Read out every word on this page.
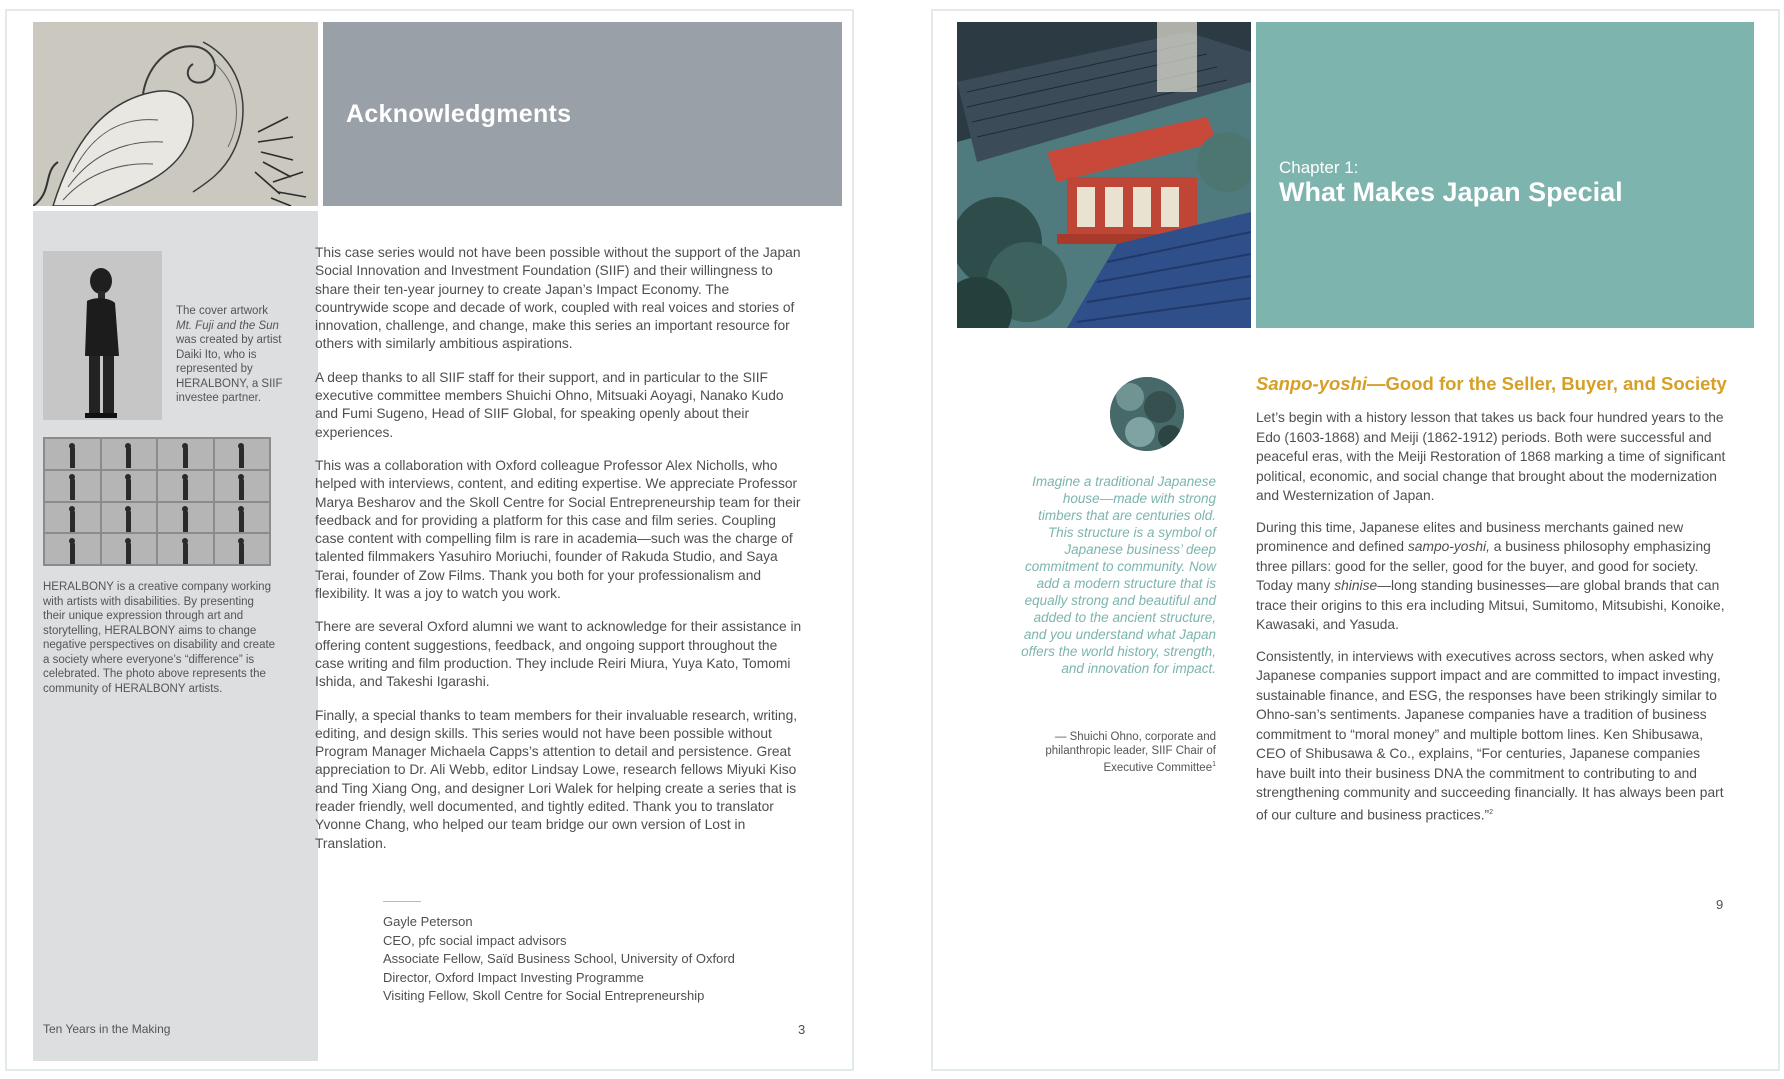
Acknowledgments
The cover artwork Mt. Fuji and the Sun was created by artist Daiki Ito, who is represented by HERALBONY, a SIIF investee partner.
HERALBONY is a creative company working with artists with disabilities. By presenting their unique expression through art and storytelling, HERALBONY aims to change negative perspectives on disability and create a society where everyone’s “difference” is celebrated. The photo above represents the community of HERALBONY artists.
Ten Years in the Making

This case series would not have been possible without the support of the Japan Social Innovation and Investment Foundation (SIIF) and their willingness to share their ten-year journey to create Japan’s Impact Economy. The countrywide scope and decade of work, coupled with real voices and stories of innovation, challenge, and change, make this series an important resource for others with similarly ambitious aspirations.

A deep thanks to all SIIF staff for their support, and in particular to the SIIF executive committee members Shuichi Ohno, Mitsuaki Aoyagi, Nanako Kudo and Fumi Sugeno, Head of SIIF Global, for speaking openly about their experiences.

This was a collaboration with Oxford colleague Professor Alex Nicholls, who helped with interviews, content, and editing expertise. We appreciate Professor Marya Besharov and the Skoll Centre for Social Entrepreneurship team for their feedback and for providing a platform for this case and film series. Coupling case content with compelling film is rare in academia—such was the charge of talented filmmakers Yasuhiro Moriuchi, founder of Rakuda Studio, and Saya Terai, founder of Zow Films. Thank you both for your professionalism and flexibility. It was a joy to watch you work.

There are several Oxford alumni we want to acknowledge for their assistance in offering content suggestions, feedback, and ongoing support throughout the case writing and film production. They include Reiri Miura, Yuya Kato, Tomomi Ishida, and Takeshi Igarashi.

Finally, a special thanks to team members for their invaluable research, writing, editing, and design skills. This series would not have been possible without Program Manager Michaela Capps’s attention to detail and persistence. Great appreciation to Dr. Ali Webb, editor Lindsay Lowe, research fellows Miyuki Kiso and Ting Xiang Ong, and designer Lori Walek for helping create a series that is reader friendly, well documented, and tightly edited. Thank you to translator Yvonne Chang, who helped our team bridge our own version of Lost in Translation.

Gayle Peterson
CEO, pfc social impact advisors
Associate Fellow, Saïd Business School, University of Oxford
Director, Oxford Impact Investing Programme
Visiting Fellow, Skoll Centre for Social Entrepreneurship
3
Chapter 1:
What Makes Japan Special
Imagine a traditional Japanese house—made with strong timbers that are centuries old. This structure is a symbol of Japanese business’ deep commitment to community. Now add a modern structure that is equally strong and beautiful and added to the ancient structure, and you understand what Japan offers the world history, strength, and innovation for impact.
— Shuichi Ohno, corporate and philanthropic leader, SIIF Chair of Executive Committee$^1$
Sanpo-yoshi—Good for the Seller, Buyer, and Society

Let’s begin with a history lesson that takes us back four hundred years to the Edo (1603-1868) and Meiji (1862-1912) periods. Both were successful and peaceful eras, with the Meiji Restoration of 1868 marking a time of significant political, economic, and social change that brought about the modernization and Westernization of Japan.

During this time, Japanese elites and business merchants gained new prominence and defined sampo-yoshi, a business philosophy emphasizing three pillars: good for the seller, good for the buyer, and good for society. Today many shinise—long standing businesses—are global brands that can trace their origins to this era including Mitsui, Sumitomo, Mitsubishi, Konoike, Kawasaki, and Yasuda.

Consistently, in interviews with executives across sectors, when asked why Japanese companies support impact and are committed to impact investing, sustainable finance, and ESG, the responses have been strikingly similar to Ohno-san’s sentiments. Japanese companies have a tradition of business commitment to “moral money” and multiple bottom lines. Ken Shibusawa, CEO of Shibusawa & Co., explains, “For centuries, Japanese companies have built into their business DNA the commitment to contributing to and strengthening community and succeeding financially. It has always been part of our culture and business practices.”$^2$

9
